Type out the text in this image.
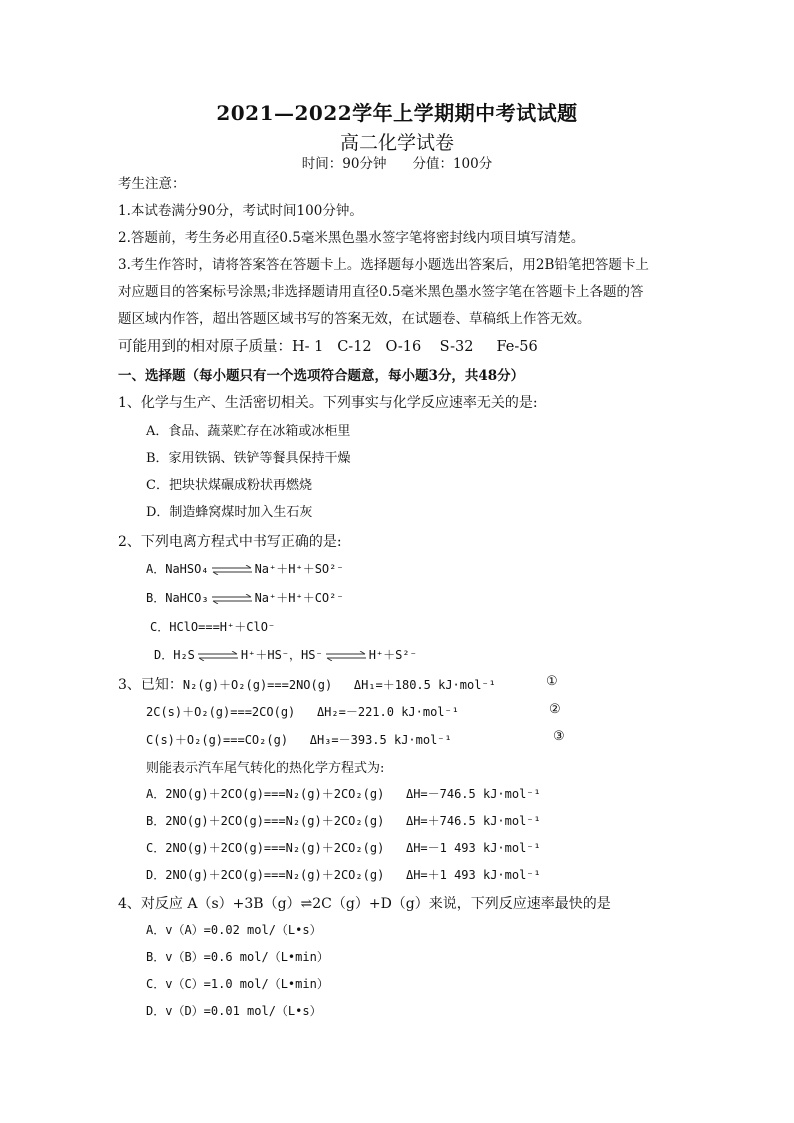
2021—2022学年上学期期中考试试题
高二化学试卷
时间：90分钟 分值：100分
考生注意：
1.本试卷满分90分，考试时间100分钟。
2.答题前，考生务必用直径0.5毫米黑色墨水签字笔将密封线内项目填写清楚。
3.考生作答时，请将答案答在答题卡上。选择题每小题选出答案后，用2B铅笔把答题卡上
对应题目的答案标号涂黑;非选择题请用直径0.5毫米黑色墨水签字笔在答题卡上各题的答
题区域内作答，超出答题区域书写的答案无效，在试题卷、草稿纸上作答无效。
可能用到的相对原子质量：H- 1   C-12   O-16    S-32     Fe-56
一、选择题（每小题只有一个选项符合题意，每小题3分，共48分）
1、化学与生产、生活密切相关。下列事实与化学反应速率无关的是:
A．食品、蔬菜贮存在冰箱或冰柜里
B．家用铁锅、铁铲等餐具保持干燥
C．把块状煤碾成粉状再燃烧
D．制造蜂窝煤时加入生石灰
2、下列电离方程式中书写正确的是:
A．NaHSO₄ ⇌ Na⁺＋H⁺＋SO²⁻
B．NaHCO₃ ⇌ Na⁺＋H⁺＋CO²⁻
C．HClO===H⁺＋ClO⁻
D．H₂S ⇌ H⁺＋HS⁻，HS⁻ ⇌ H⁺＋S²⁻
3、已知：N₂(g)＋O₂(g)===2NO(g)   ΔH₁=＋180.5 kJ·mol⁻¹	①
2C(s)＋O₂(g)===2CO(g)   ΔH₂=－221.0 kJ·mol⁻¹	②
C(s)＋O₂(g)===CO₂(g)   ΔH₃=－393.5 kJ·mol⁻¹	③
则能表示汽车尾气转化的热化学方程式为:
A．2NO(g)＋2CO(g)===N₂(g)＋2CO₂(g)   ΔH=－746.5 kJ·mol⁻¹
B．2NO(g)＋2CO(g)===N₂(g)＋2CO₂(g)   ΔH=＋746.5 kJ·mol⁻¹
C．2NO(g)＋2CO(g)===N₂(g)＋2CO₂(g)   ΔH=－1 493 kJ·mol⁻¹
D．2NO(g)＋2CO(g)===N₂(g)＋2CO₂(g)   ΔH=＋1 493 kJ·mol⁻¹
4、对反应 A（s）+3B（g）⇌2C（g）+D（g）来说，下列反应速率最快的是
A．v（A）=0.02 mol/（L•s）
B．v（B）=0.6 mol/（L•min）
C．v（C）=1.0 mol/（L•min）
D．v（D）=0.01 mol/（L•s）
